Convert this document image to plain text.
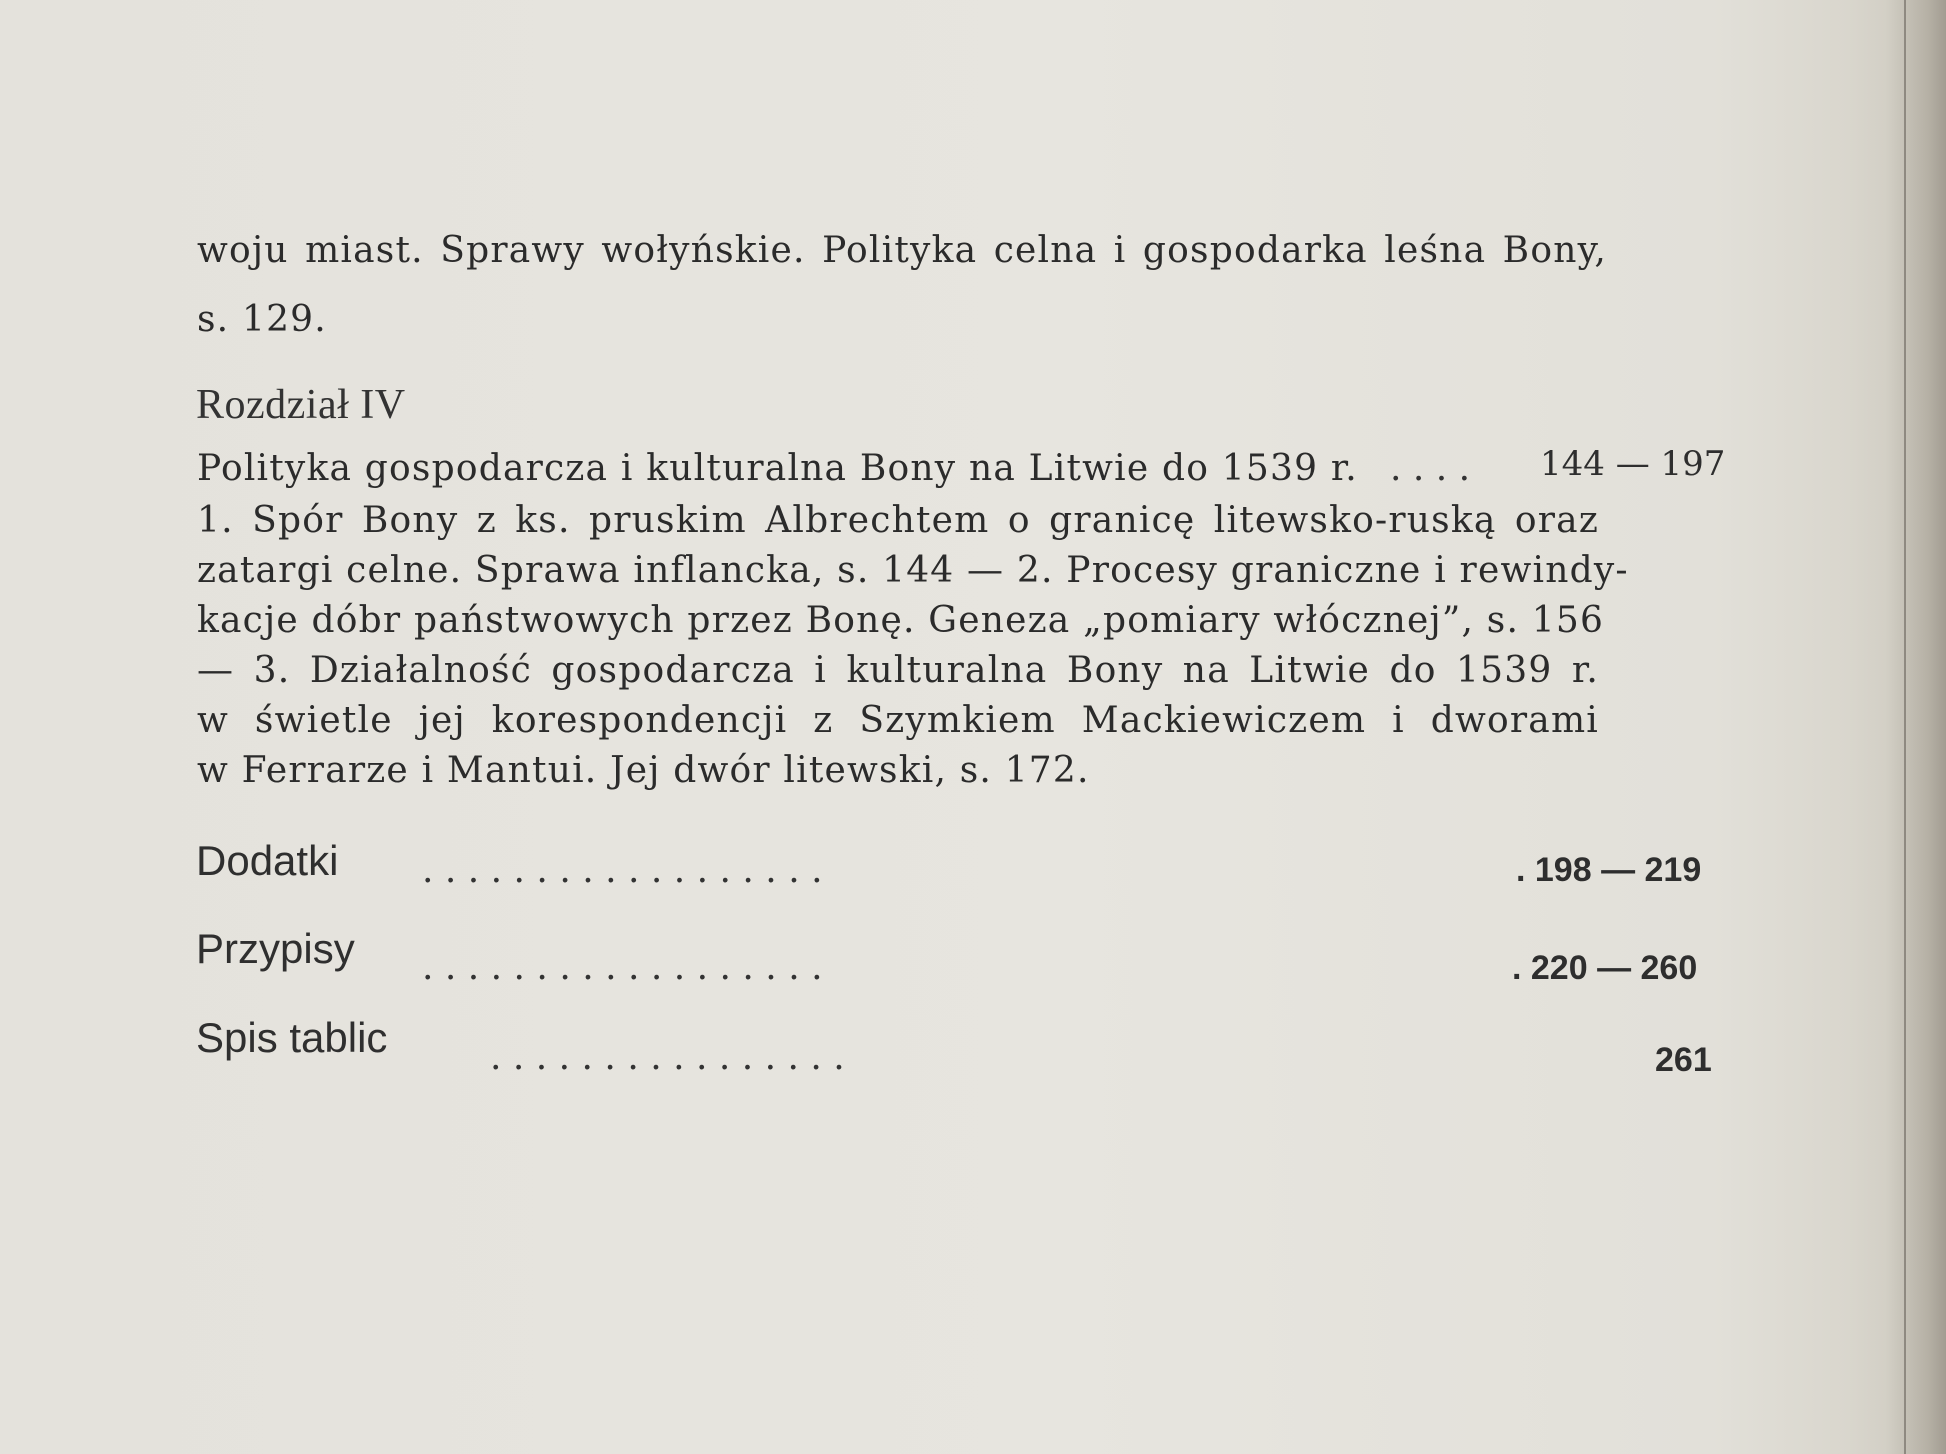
woju miast. Sprawy wołyńskie. Polityka celna i gospodarka leśna Bony,
s. 129.
Rozdział IV
Polityka gospodarcza i kulturalna Bony na Litwie do 1539 r. . . . . 144 — 197
1. Spór Bony z ks. pruskim Albrechtem o granicę litewsko-ruską oraz
zatargi celne. Sprawa inflancka, s. 144 — 2. Procesy graniczne i rewindy-
kacje dóbr państwowych przez Bonę. Geneza „pomiary włócznej”, s. 156
— 3. Działalność gospodarcza i kulturalna Bony na Litwie do 1539 r.
w świetle jej korespondencji z Szymkiem Mackiewiczem i dworami
w Ferrarze i Mantui. Jej dwór litewski, s. 172.
Dodatki . . . . . . . . . . . . . . . . . .	. 198 — 219
Przypisy . . . . . . . . . . . . . . . . . .	. 220 — 260
Spis tablic	. . . . . . . . . . . . . . . .	261
